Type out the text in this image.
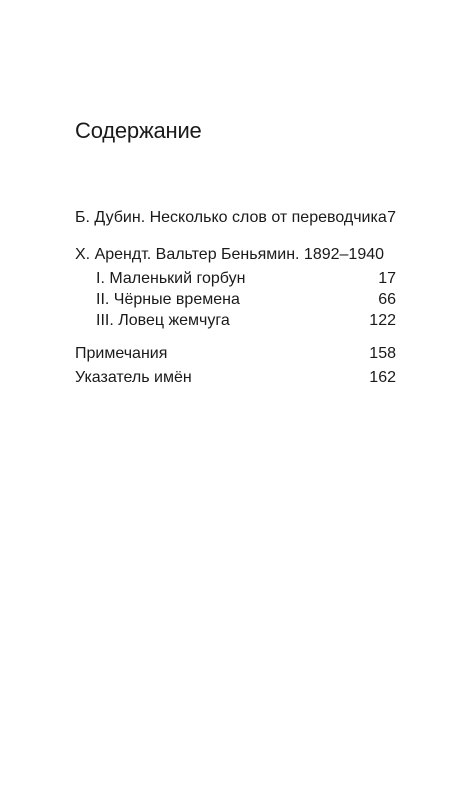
Содержание
Б. Дубин. Несколько слов от переводчика 7
Х. Арендт. Вальтер Беньямин. 1892–1940
I. Маленький горбун	17
II. Чёрные времена	66
III. Ловец жемчуга	122
Примечания	158
Указатель имён	162
